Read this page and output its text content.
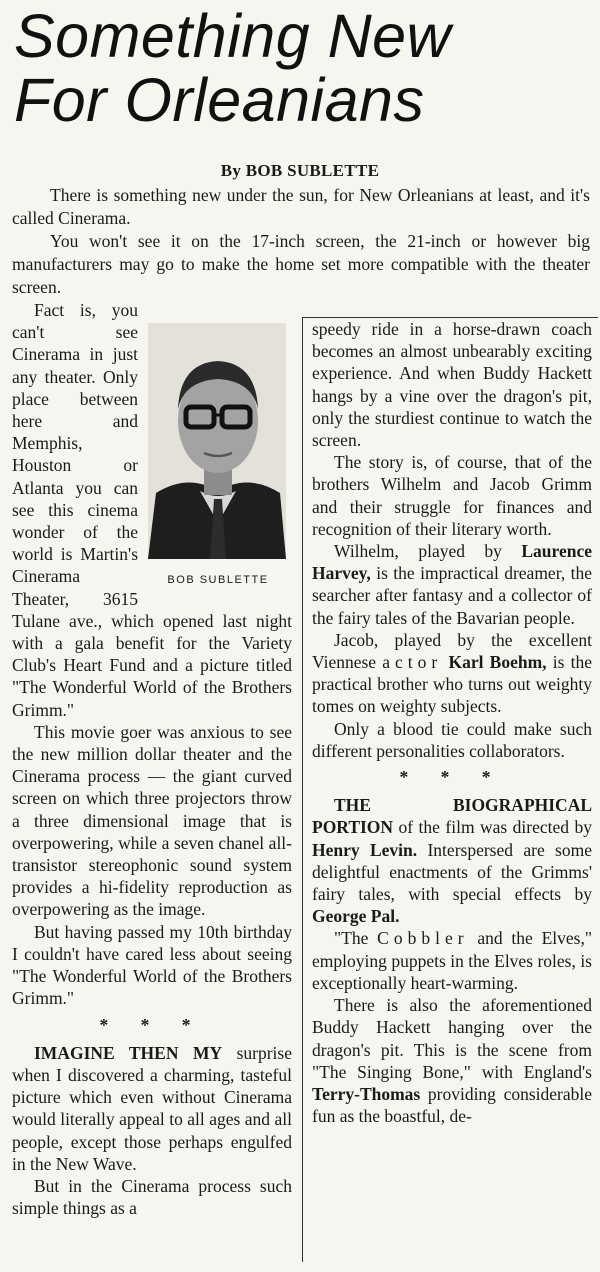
Something New
For Orleanians
By BOB SUBLETTE

There is something new under the sun, for New Orleanians at least, and it's called Cinerama.

You won't see it on the 17-inch screen, the 21-inch or however big manufacturers may go to make the home set more compatible with the theater screen.

BOB SUBLETTE

Fact is, you can't see Cinerama in just any theater. Only place between here and Memphis, Houston or Atlanta you can see this cinema wonder of the world is Martin's Cinerama Theater, 3615 Tulane ave., which opened last night with a gala benefit for the Variety Club's Heart Fund and a picture titled "The Wonderful World of the Brothers Grimm."

This movie goer was anxious to see the new million dollar theater and the Cinerama process — the giant curved screen on which three projectors throw a three dimensional image that is overpowering, while a seven chanel all-transistor stereophonic sound system provides a hi-fidelity reproduction as overpowering as the image.

But having passed my 10th birthday I couldn't have cared less about seeing "The Wonderful World of the Brothers Grimm."

* * *

IMAGINE THEN MY surprise when I discovered a charming, tasteful picture which even without Cinerama would literally appeal to all ages and all people, except those perhaps engulfed in the New Wave.

But in the Cinerama process such simple things as a

speedy ride in a horse-drawn coach becomes an almost unbearably exciting experience. And when Buddy Hackett hangs by a vine over the dragon's pit, only the sturdiest continue to watch the screen.

The story is, of course, that of the brothers Wilhelm and Jacob Grimm and their struggle for finances and recognition of their literary worth.

Wilhelm, played by Laurence Harvey, is the impractical dreamer, the searcher after fantasy and a collector of the fairy tales of the Bavarian people.

Jacob, played by the excellent Viennese actor Karl Boehm, is the practical brother who turns out weighty tomes on weighty subjects.

Only a blood tie could make such different personalities collaborators.

* * *

THE BIOGRAPHICAL PORTION of the film was directed by Henry Levin. Interspersed are some delightful enactments of the Grimms' fairy tales, with special effects by George Pal.

"The Cobbler and the Elves," employing puppets in the Elves roles, is exceptionally heart-warming.

There is also the aforementioned Buddy Hackett hanging over the dragon's pit. This is the scene from "The Singing Bone," with England's Terry-Thomas providing considerable fun as the boastful, de-
